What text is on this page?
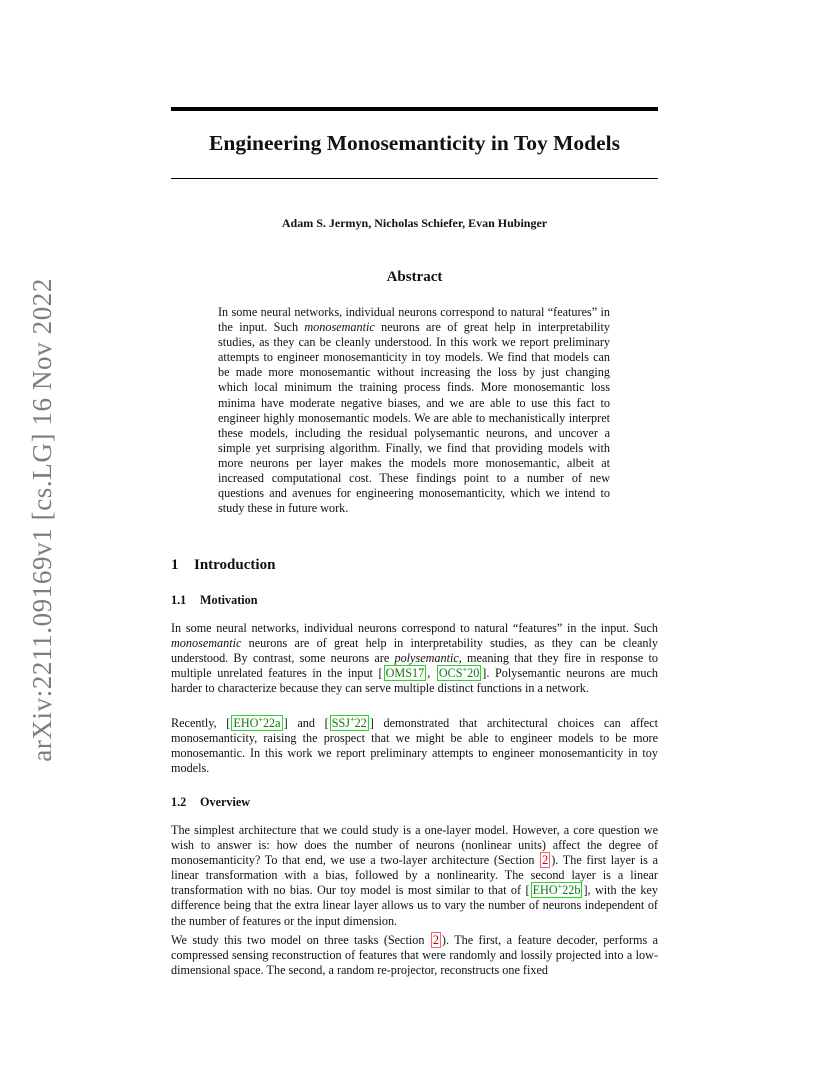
arXiv:2211.09169v1 [cs.LG] 16 Nov 2022
Engineering Monosemanticity in Toy Models

Adam S. Jermyn, Nicholas Schiefer, Evan Hubinger

Abstract

In some neural networks, individual neurons correspond to natural “features” in the input. Such monosemantic neurons are of great help in interpretability studies, as they can be cleanly understood. In this work we report preliminary attempts to engineer monosemanticity in toy models. We find that models can be made more monosemantic without increasing the loss by just changing which local minimum the training process finds. More monosemantic loss minima have moderate negative biases, and we are able to use this fact to engineer highly monosemantic models. We are able to mechanistically interpret these models, including the residual polysemantic neurons, and uncover a simple yet surprising algorithm. Finally, we find that providing models with more neurons per layer makes the models more monosemantic, albeit at increased computational cost. These findings point to a number of new questions and avenues for engineering monosemanticity, which we intend to study these in future work.

1 Introduction
1.1 Motivation

In some neural networks, individual neurons correspond to natural “features” in the input. Such monosemantic neurons are of great help in interpretability studies, as they can be cleanly understood. By contrast, some neurons are polysemantic, meaning that they fire in response to multiple unrelated features in the input [ OMS17 , OCS+20 ]. Polysemantic neurons are much harder to characterize because they can serve multiple distinct functions in a network.

Recently, [ EHO+22a ] and [ SSJ+22 ] demonstrated that architectural choices can affect monosemanticity, raising the prospect that we might be able to engineer models to be more monosemantic. In this work we report preliminary attempts to engineer monosemanticity in toy models.

1.2 Overview

The simplest architecture that we could study is a one-layer model. However, a core question we wish to answer is: how does the number of neurons (nonlinear units) affect the degree of monosemanticity? To that end, we use a two-layer architecture (Section 2 ). The first layer is a linear transformation with a bias, followed by a nonlinearity. The second layer is a linear transformation with no bias. Our toy model is most similar to that of [ EHO+22b ], with the key difference being that the extra linear layer allows us to vary the number of neurons independent of the number of features or the input dimension.

We study this two model on three tasks (Section 2 ). The first, a feature decoder, performs a compressed sensing reconstruction of features that were randomly and lossily projected into a low-dimensional space. The second, a random re-projector, reconstructs one fixed
